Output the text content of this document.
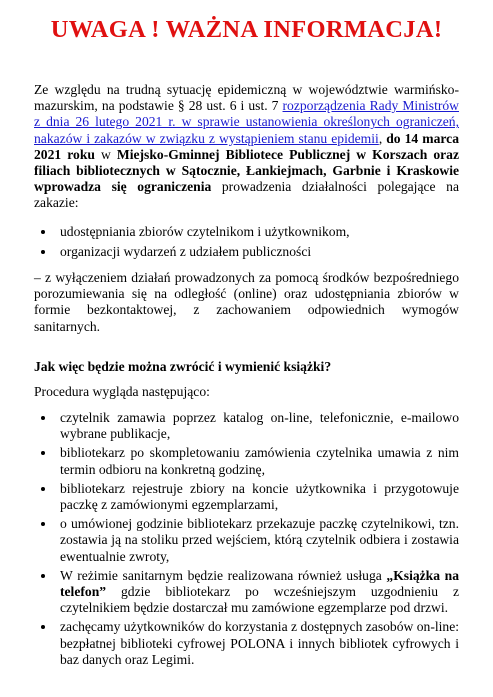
UWAGA ! WAŻNA INFORMACJA!

Ze względu na trudną sytuację epidemiczną w województwie warmińsko-mazurskim, na podstawie § 28 ust. 6 i ust. 7 rozporządzenia Rady Ministrów z dnia 26 lutego 2021 r. w sprawie ustanowienia określonych ograniczeń, nakazów i zakazów w związku z wystąpieniem stanu epidemii, do 14 marca 2021 roku w Miejsko-Gminnej Bibliotece Publicznej w Korszach oraz filiach bibliotecznych w Sątocznie, Łankiejmach, Garbnie i Kraskowie wprowadza się ograniczenia prowadzenia działalności polegające na zakazie:

udostępniania zbiorów czytelnikom i użytkownikom,
organizacji wydarzeń z udziałem publiczności

– z wyłączeniem działań prowadzonych za pomocą środków bezpośredniego porozumiewania się na odległość (online) oraz udostępniania zbiorów w formie bezkontaktowej, z zachowaniem odpowiednich wymogów sanitarnych.

Jak więc będzie można zwrócić i wymienić książki?

Procedura wygląda następująco:

czytelnik zamawia poprzez katalog on-line, telefonicznie, e-mailowo wybrane publikacje,
bibliotekarz po skompletowaniu zamówienia czytelnika umawia z nim termin odbioru na konkretną godzinę,
bibliotekarz rejestruje zbiory na koncie użytkownika i przygotowuje paczkę z zamówionymi egzemplarzami,
o umówionej godzinie bibliotekarz przekazuje paczkę czytelnikowi, tzn. zostawia ją na stoliku przed wejściem, którą czytelnik odbiera i zostawia ewentualnie zwroty,
W reżimie sanitarnym będzie realizowana również usługa „Książka na telefon” gdzie bibliotekarz po wcześniejszym uzgodnieniu z czytelnikiem będzie dostarczał mu zamówione egzemplarze pod drzwi.
zachęcamy użytkowników do korzystania z dostępnych zasobów on-line: bezpłatnej biblioteki cyfrowej POLONA i innych bibliotek cyfrowych i baz danych oraz Legimi.
